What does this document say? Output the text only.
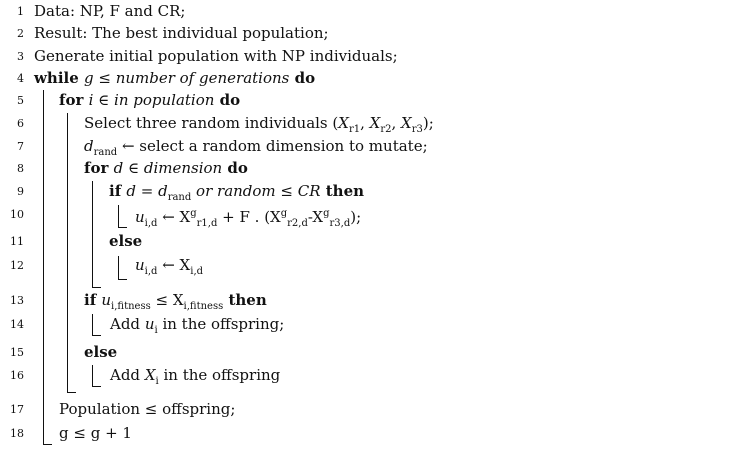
1 Data: NP, F and CR;
2 Result: The best individual population;
3 Generate initial population with NP individuals;
4 while g ≤ number of generations do
5 for i ∈ in population do
6	Select three random individuals ($X_{r1}$, $X_{r2}$, $X_{r3}$);
7	$d_{rand}$ ← select a random dimension to mutate;
8	for d ∈ dimension do
9	if $d = d_{rand}$ or random ≤ CR then
10	$u_{i,d}$ ← $X^g_{r1,d} + F$ . $(X^g_{r2,d}-X^g_{r3,d})$;
11	else
12	$u_{i,d}$ ← $X_{i,d}$
13	if $u_{i,fitness} \le X_{i,fitness}$ then
14	Add $u_i$ in the offspring;
15	else
16	Add $X_i$ in the offspring
17 Population ≤ offspring;
18 g ≤ g + 1
